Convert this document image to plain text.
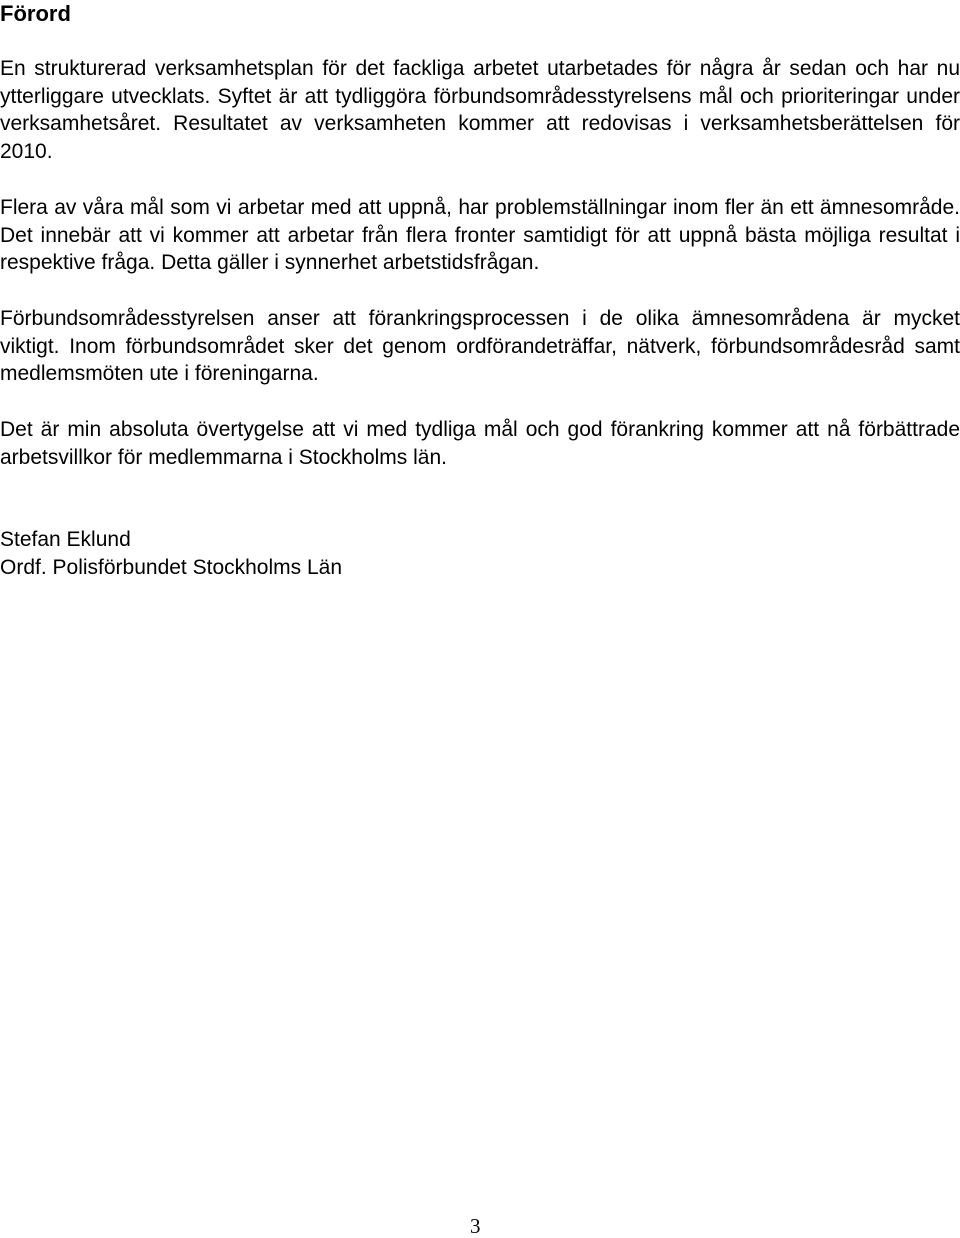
Förord

En strukturerad verksamhetsplan för det fackliga arbetet utarbetades för några år sedan och har nu ytterliggare utvecklats. Syftet är att tydliggöra förbundsområdesstyrelsens mål och prioriteringar under verksamhetsåret. Resultatet av verksamheten kommer att redovisas i verksamhetsberättelsen för 2010.

Flera av våra mål som vi arbetar med att uppnå, har problemställningar inom fler än ett ämnesområde. Det innebär att vi kommer att arbetar från flera fronter samtidigt för att uppnå bästa möjliga resultat i respektive fråga. Detta gäller i synnerhet arbetstidsfrågan.

Förbundsområdesstyrelsen anser att förankringsprocessen i de olika ämnesområdena är mycket viktigt. Inom förbundsområdet sker det genom ordförandeträffar, nätverk, förbundsområdesråd samt medlemsmöten ute i föreningarna.

Det är min absoluta övertygelse att vi med tydliga mål och god förankring kommer att nå förbättrade arbetsvillkor för medlemmarna i Stockholms län.

Stefan Eklund
Ordf. Polisförbundet Stockholms Län

3
